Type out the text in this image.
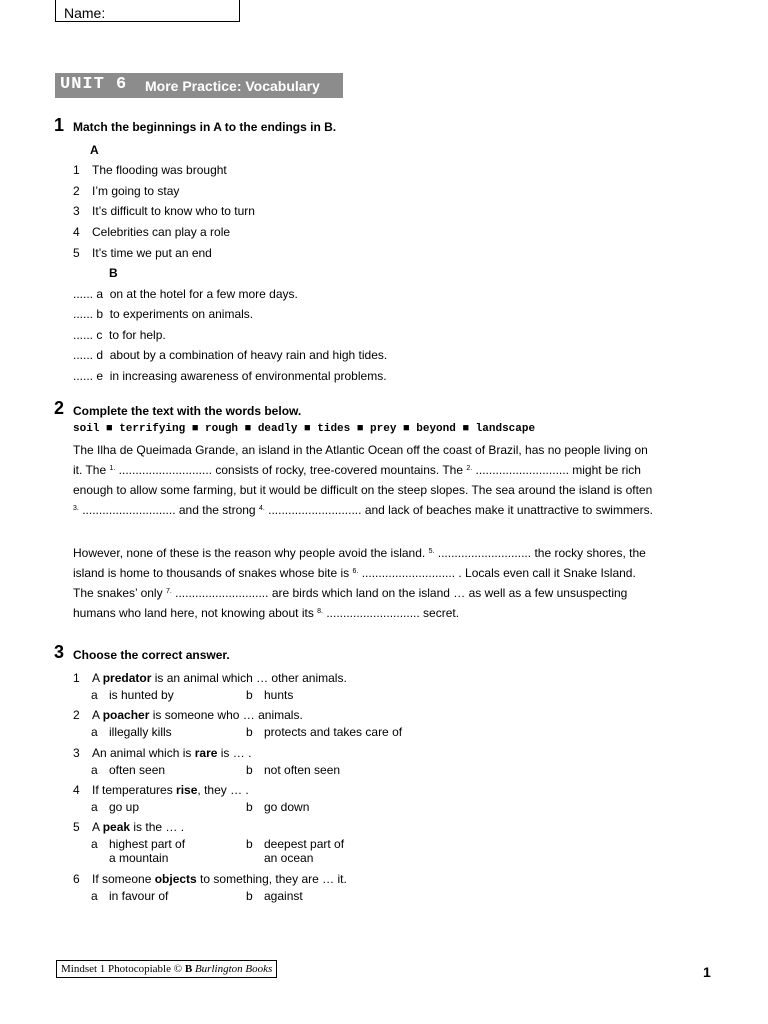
Name:
UNIT 6 More Practice: Vocabulary
1 Match the beginnings in A to the endings in B.
A
1 The flooding was brought
2 I’m going to stay
3 It’s difficult to know who to turn
4 Celebrities can play a role
5 It’s time we put an end
B
...... a on at the hotel for a few more days.
...... b to experiments on animals.
...... c to for help.
...... d about by a combination of heavy rain and high tides.
...... e in increasing awareness of environmental problems.
2 Complete the text with the words below.
soil ■ terrifying ■ rough ■ deadly ■ tides ■ prey ■ beyond ■ landscape
The Ilha de Queimada Grande, an island in the Atlantic Ocean off the coast of Brazil, has no people living on it. The $^{1.}$ ............................ consists of rocky, tree-covered mountains. The $^{2.}$ ............................ might be rich enough to allow some farming, but it would be difficult on the steep slopes. The sea around the island is often $^{3.}$ ............................ and the strong $^{4.}$ ............................ and lack of beaches make it unattractive to swimmers.
However, none of these is the reason why people avoid the island. $^{5.}$ ............................ the rocky shores, the island is home to thousands of snakes whose bite is $^{6.}$ ............................ . Locals even call it Snake Island. The snakes’ only $^{7.}$ ............................ are birds which land on the island … as well as a few unsuspecting humans who land here, not knowing about its $^{8.}$ ............................ secret.
3 Choose the correct answer.
1 A predator is an animal which … other animals.
a is hunted by	b hunts
2 A poacher is someone who … animals.
a illegally kills	b protects and takes care of
3 An animal which is rare is … .
a often seen	b not often seen
4 If temperatures rise, they … .
a go up	b go down
5 A peak is the … .
a highest part of
a mountain
b deepest part of
an ocean
6 If someone objects to something, they are … it.
a in favour of	b against
Mindset 1 Photocopiable © B Burlington Books	1
